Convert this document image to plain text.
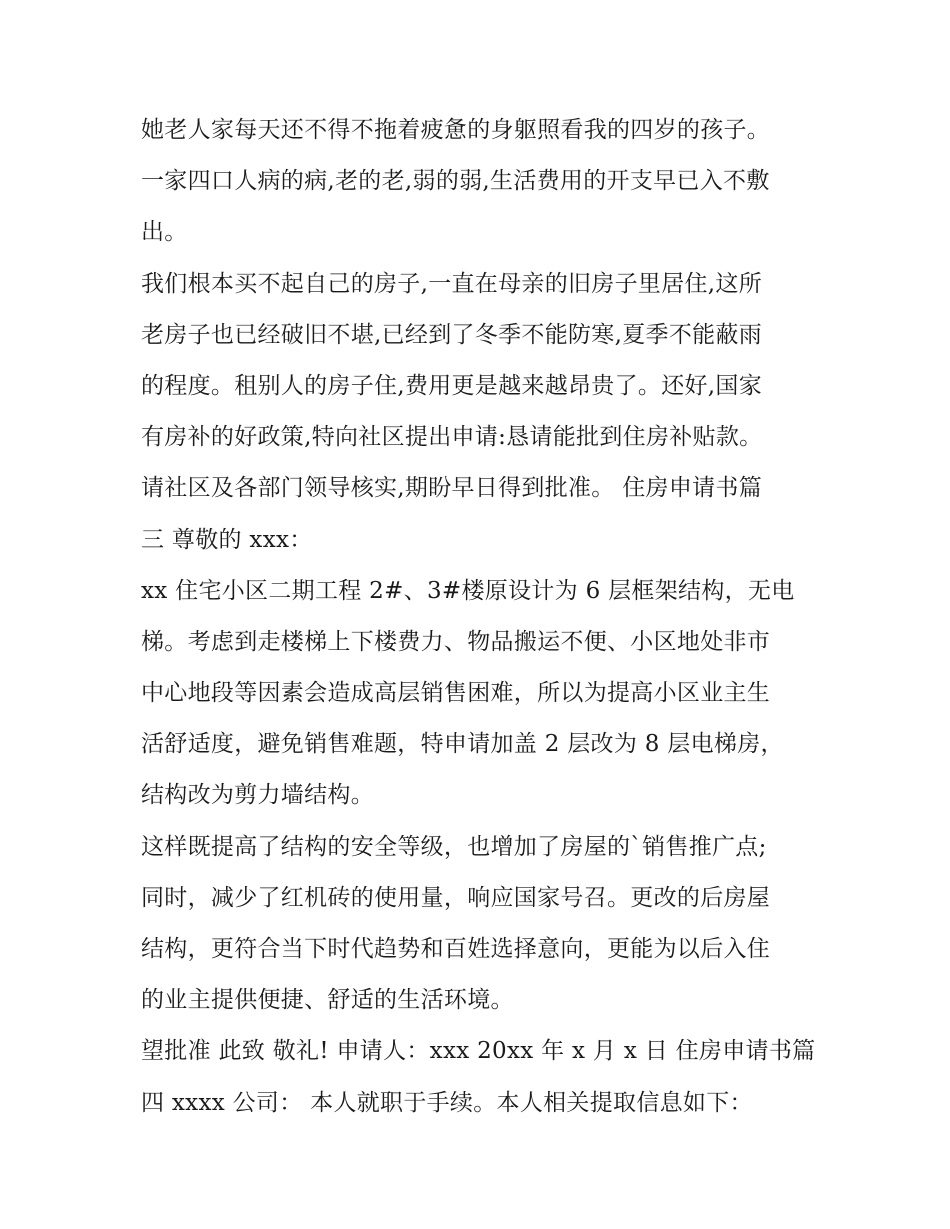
她老人家每天还不得不拖着疲惫的身躯照看我的四岁的孩子。
一家四口人病的病,老的老,弱的弱,生活费用的开支早已入不敷
出。
我们根本买不起自己的房子,一直在母亲的旧房子里居住,这所
老房子也已经破旧不堪,已经到了冬季不能防寒,夏季不能蔽雨
的程度。租别人的房子住,费用更是越来越昂贵了。还好,国家
有房补的好政策,特向社区提出申请:恳请能批到住房补贴款。
请社区及各部门领导核实,期盼早日得到批准。 住房申请书篇
三 尊敬的 xxx：
xx 住宅小区二期工程 2#、3#楼原设计为 6 层框架结构，无电
梯。考虑到走楼梯上下楼费力、物品搬运不便、小区地处非市
中心地段等因素会造成高层销售困难，所以为提高小区业主生
活舒适度，避免销售难题，特申请加盖 2 层改为 8 层电梯房，
结构改为剪力墙结构。
这样既提高了结构的安全等级，也增加了房屋的`销售推广点;
同时，减少了红机砖的使用量，响应国家号召。更改的后房屋
结构，更符合当下时代趋势和百姓选择意向，更能为以后入住
的业主提供便捷、舒适的生活环境。
望批准 此致 敬礼! 申请人：xxx 20xx 年 x 月 x 日 住房申请书篇
四 xxxx 公司： 本人就职于手续。本人相关提取信息如下：
